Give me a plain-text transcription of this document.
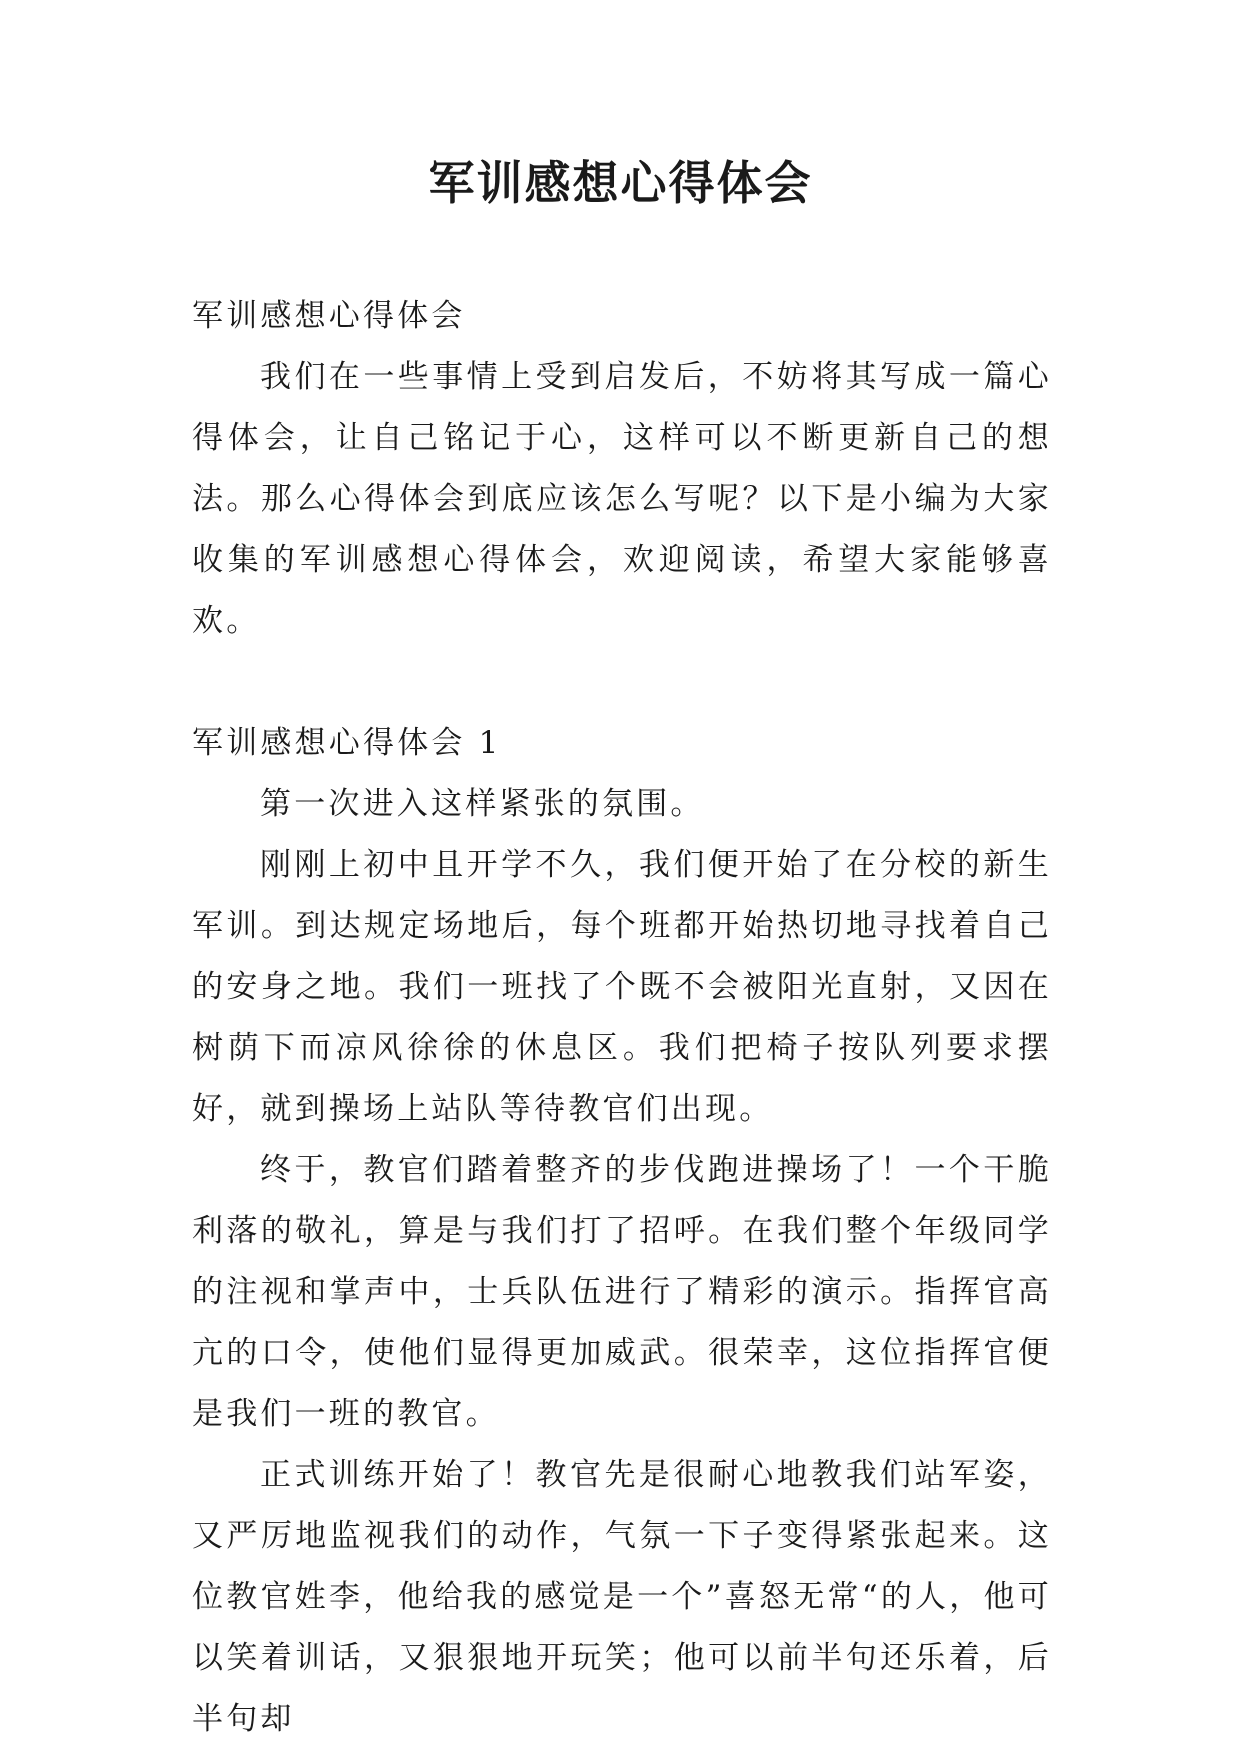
军训感想心得体会

军训感想心得体会

我们在一些事情上受到启发后，不妨将其写成一篇心得体会，让自己铭记于心，这样可以不断更新自己的想法。那么心得体会到底应该怎么写呢？以下是小编为大家收集的军训感想心得体会，欢迎阅读，希望大家能够喜欢。

军训感想心得体会 1

第一次进入这样紧张的氛围。

刚刚上初中且开学不久，我们便开始了在分校的新生军训。到达规定场地后，每个班都开始热切地寻找着自己的安身之地。我们一班找了个既不会被阳光直射，又因在树荫下而凉风徐徐的休息区。我们把椅子按队列要求摆好，就到操场上站队等待教官们出现。

终于，教官们踏着整齐的步伐跑进操场了！一个干脆利落的敬礼，算是与我们打了招呼。在我们整个年级同学的注视和掌声中，士兵队伍进行了精彩的演示。指挥官高亢的口令，使他们显得更加威武。很荣幸，这位指挥官便是我们一班的教官。

正式训练开始了！教官先是很耐心地教我们站军姿，又严厉地监视我们的动作，气氛一下子变得紧张起来。这位教官姓李，他给我的感觉是一个”喜怒无常“的人，他可以笑着训话，又狠狠地开玩笑；他可以前半句还乐着，后半句却
